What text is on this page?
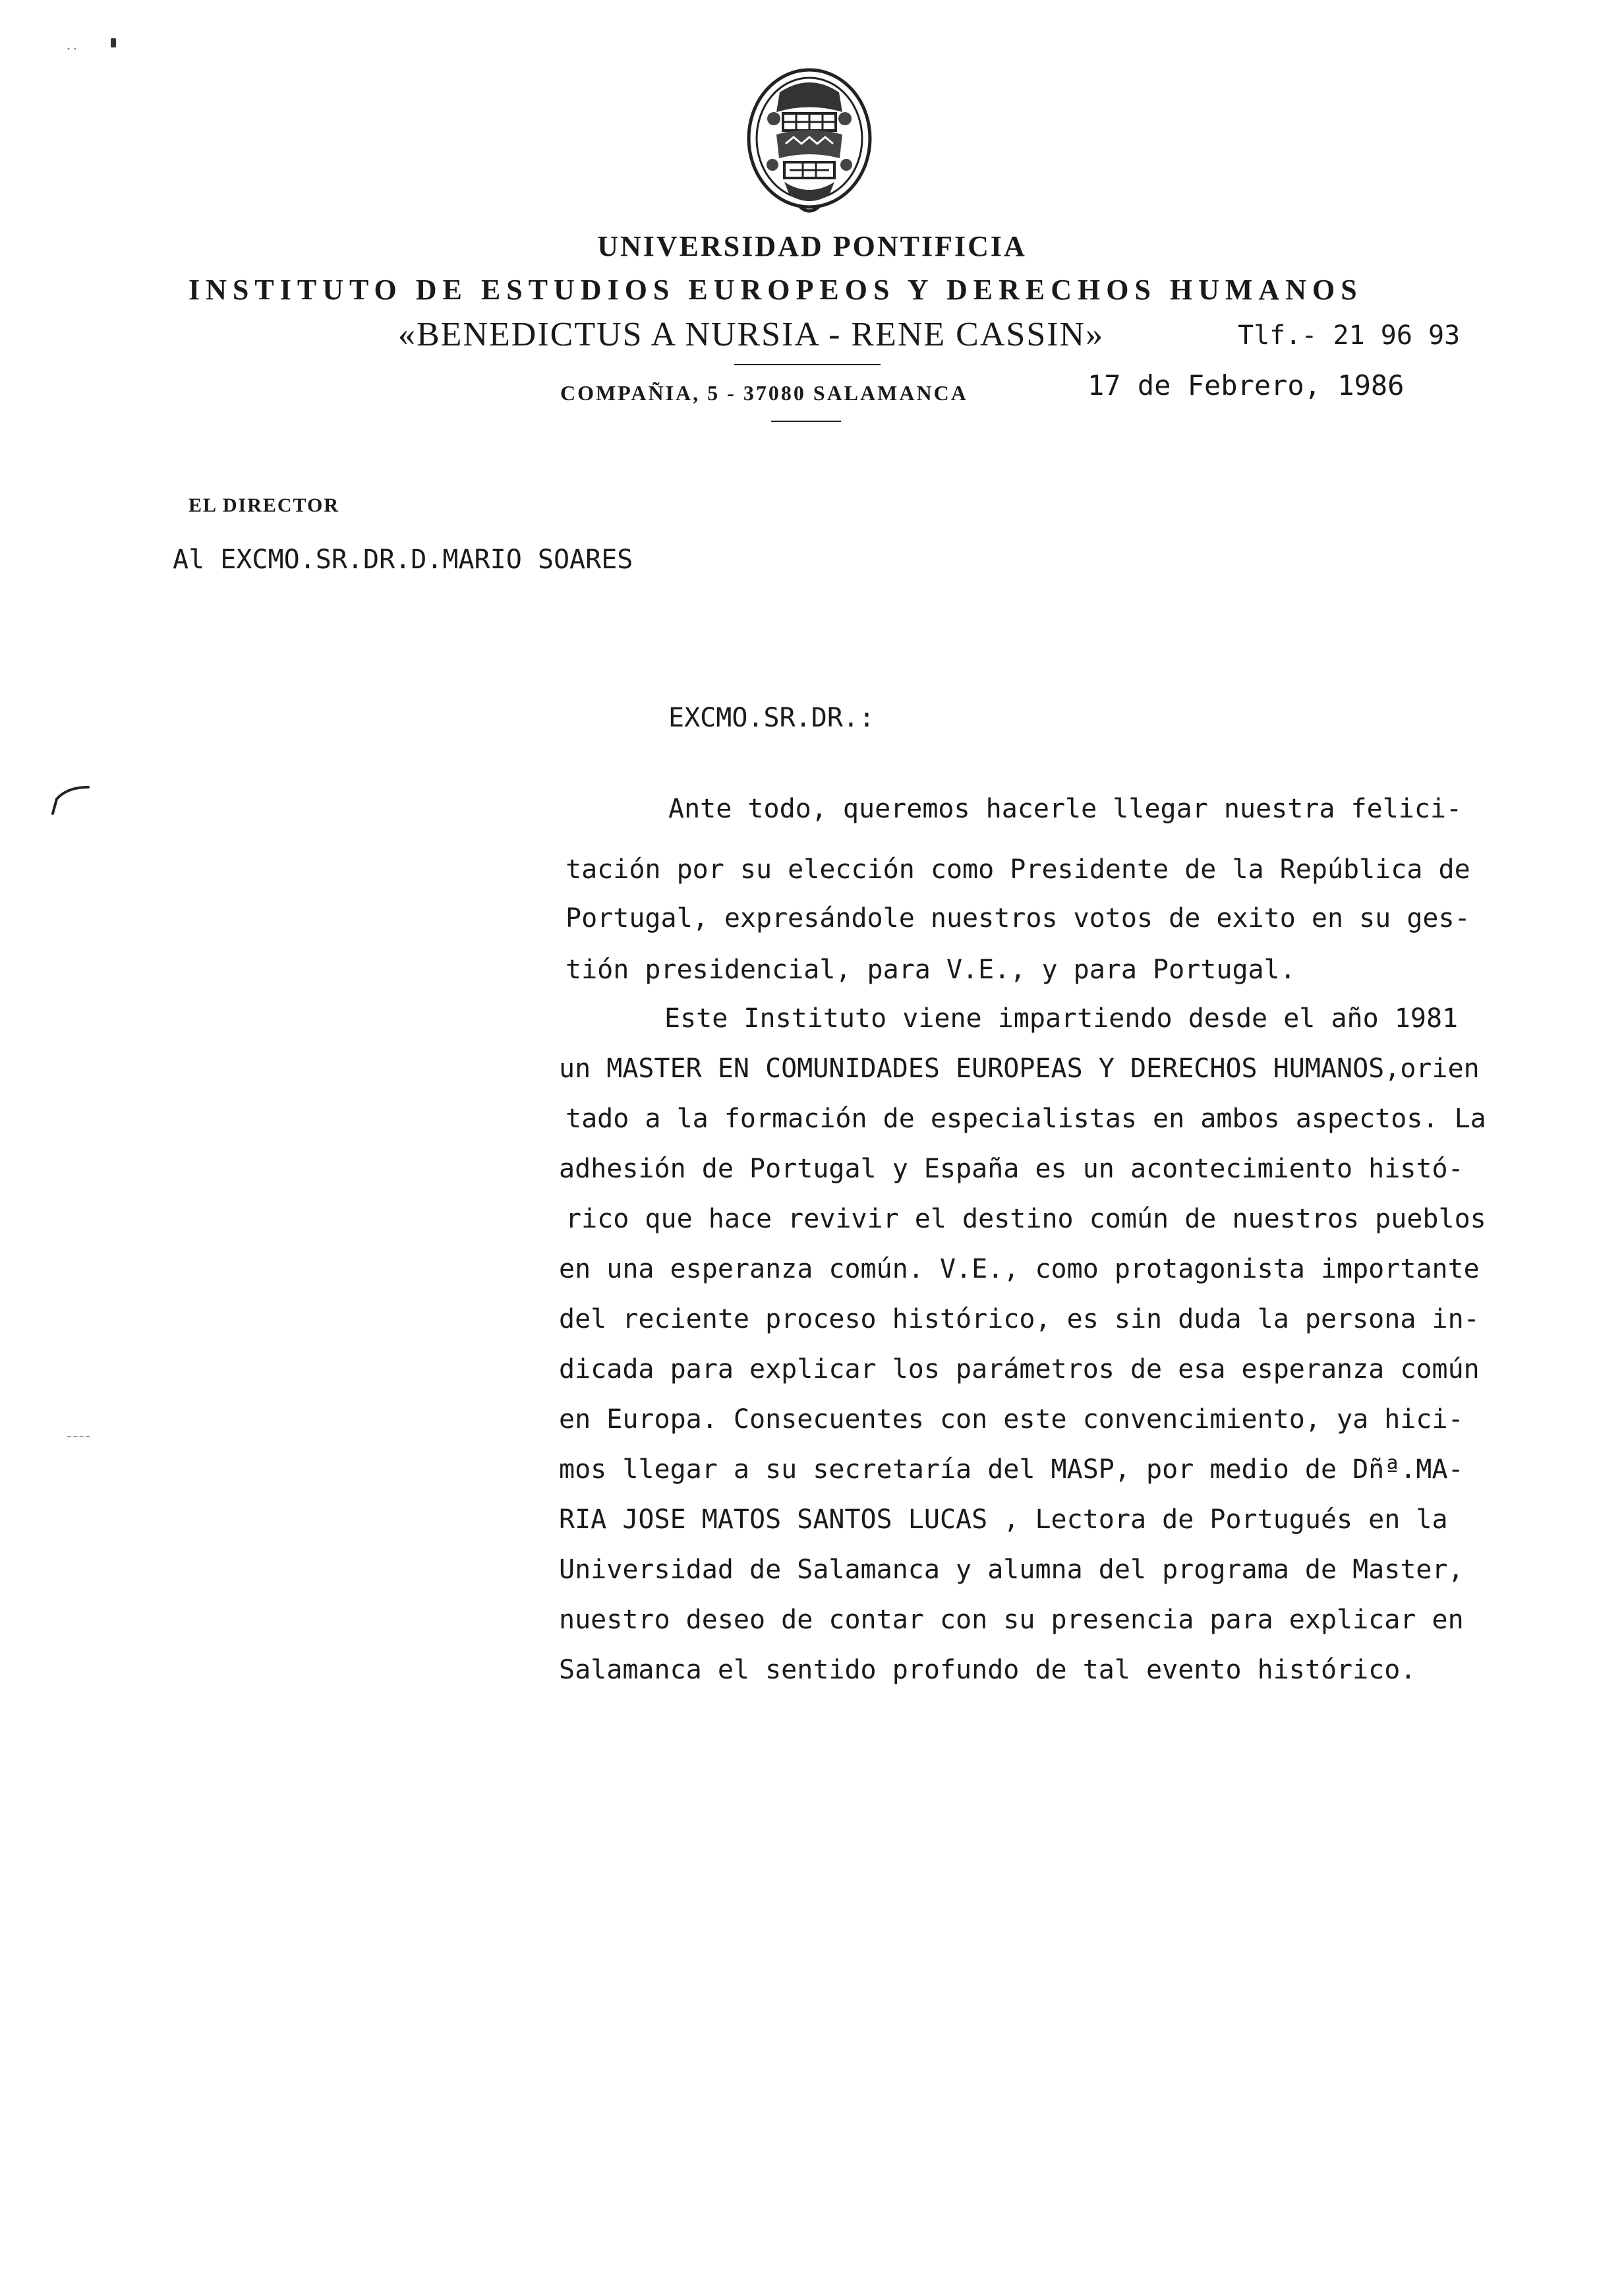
UNIVERSIDAD PONTIFICIA
INSTITUTO DE ESTUDIOS EUROPEOS Y DERECHOS HUMANOS
«BENEDICTUS A NURSIA - RENE CASSIN»	Tlf.- 21 96 93
COMPAÑIA, 5 - 37080 SALAMANCA	17 de Febrero, 1986
EL DIRECTOR
Al EXCMO.SR.DR.D.MARIO SOARES
EXCMO.SR.DR.:
Ante todo, queremos hacerle llegar nuestra felici-
tación por su elección como Presidente de la República de
Portugal, expresándole nuestros votos de exito en su ges-
tión presidencial, para V.E., y para Portugal.
Este Instituto viene impartiendo desde el año 1981
un MASTER EN COMUNIDADES EUROPEAS Y DERECHOS HUMANOS,orien
tado a la formación de especialistas en ambos aspectos. La
adhesión de Portugal y España es un acontecimiento histó-
rico que hace revivir el destino común de nuestros pueblos
en una esperanza común. V.E., como protagonista importante
del reciente proceso histórico, es sin duda la persona in-
dicada para explicar los parámetros de esa esperanza común
en Europa. Consecuentes con este convencimiento, ya hici-
mos llegar a su secretaría del MASP, por medio de Dñª.MA-
RIA JOSE MATOS SANTOS LUCAS , Lectora de Portugués en la
Universidad de Salamanca y alumna del programa de Master,
nuestro deseo de contar con su presencia para explicar en
Salamanca el sentido profundo de tal evento histórico.
